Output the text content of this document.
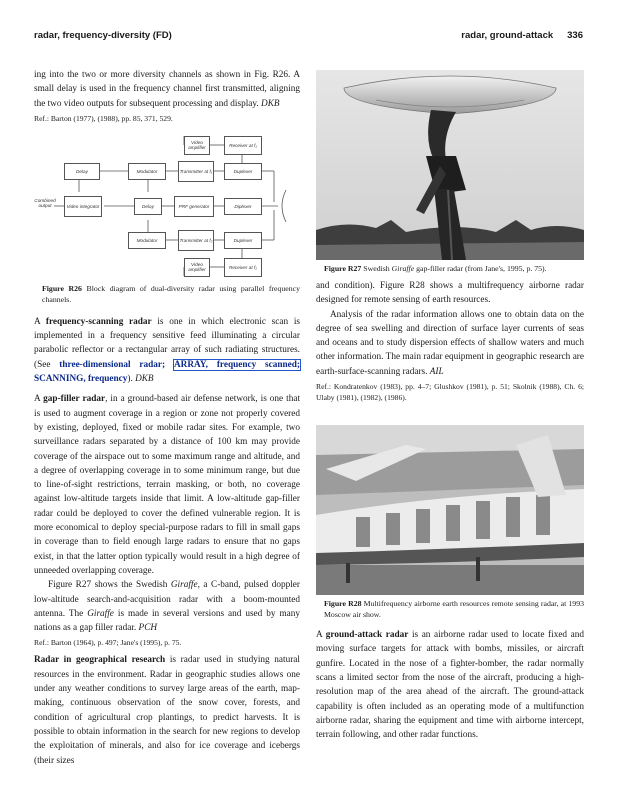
radar, frequency-diversity (FD)	radar, ground-attack 336

ing into the two or more diversity channels as shown in Fig. R26. A small delay is used in the frequency channel first transmitted, aligning the two video outputs for subsequent processing and display. DKB

Ref.: Barton (1977), (1988), pp. 85, 371, 529.

Video amplifier
Receiver at f₁
Delay	Modulator	Transmitter at f₁	Duplexer
Combined output	Video integrator	Delay	PRF generator	Diplexer
Modulator	Transmitter at f₂	Duplexer
Video amplifier
Receiver at f₂

Figure R26 Block diagram of dual-diversity radar using parallel frequency channels.

A frequency-scanning radar is one in which electronic scan is implemented in a frequency sensitive feed illuminating a circular parabolic reflector or a rectangular array of such radiating structures. (See three-dimensional radar; ARRAY, frequency scanned; SCANNING, frequency). DKB

A gap-filler radar, in a ground-based air defense network, is one that is used to augment coverage in a region or zone not properly covered by existing, deployed, fixed or mobile radar sites. For example, two surveillance radars separated by a distance of 100 km may provide coverage of the airspace out to some maximum range and altitude, and a degree of overlapping coverage in to some minimum range, but due to line-of-sight restrictions, terrain masking, or both, no coverage against low-altitude targets inside that limit. A low-altitude gap-filler radar could be deployed to cover the defined vulnerable region. It is more economical to deploy special-purpose radars to fill in small gaps in coverage than to field enough large radars to ensure that no gaps exist, in that the latter option typically would result in a high degree of unneeded overlapping coverage.

Figure R27 shows the Swedish Giraffe, a C-band, pulsed doppler low-altitude search-and-acquisition radar with a boom-mounted antenna. The Giraffe is made in several versions and used by many nations as a gap filler radar. PCH

Ref.: Barton (1964), p. 497; Jane's (1995), p. 75.

Radar in geographical research is radar used in studying natural resources in the environment. Radar in geographic studies allows one under any weather conditions to survey large areas of the earth, map-making, continuous observation of the snow cover, forests, and condition of agricultural crop plantings, to predict harvests. It is possible to obtain information in the search for new regions to develop the exploitation of minerals, and also for ice coverage and icebergs (their sizes

Figure R27 Swedish Giraffe gap-filler radar (from Jane's, 1995, p. 75).

and condition). Figure R28 shows a multifrequency airborne radar designed for remote sensing of earth resources.

Analysis of the radar information allows one to obtain data on the degree of sea swelling and direction of surface layer currents of seas and oceans and to study dispersion effects of shallow waters and much other information. The main radar equipment in geographic research are earth-surface-scanning radars. AIL

Ref.: Kondratenkov (1983), pp. 4–7; Glushkov (1981), p. 51; Skolnik (1988), Ch. 6; Ulaby (1981), (1982), (1986).

Figure R28 Multifrequency airborne earth resources remote sensing radar, at 1993 Moscow air show.

A ground-attack radar is an airborne radar used to locate fixed and moving surface targets for attack with bombs, missiles, or aircraft gunfire. Located in the nose of a fighter-bomber, the radar normally scans a limited sector from the nose of the aircraft, producing a high-resolution map of the area ahead of the aircraft. The ground-attack capability is often included as an operating mode of a multifunction airborne radar, sharing the equipment and time with airborne intercept, terrain following, and other radar functions.
